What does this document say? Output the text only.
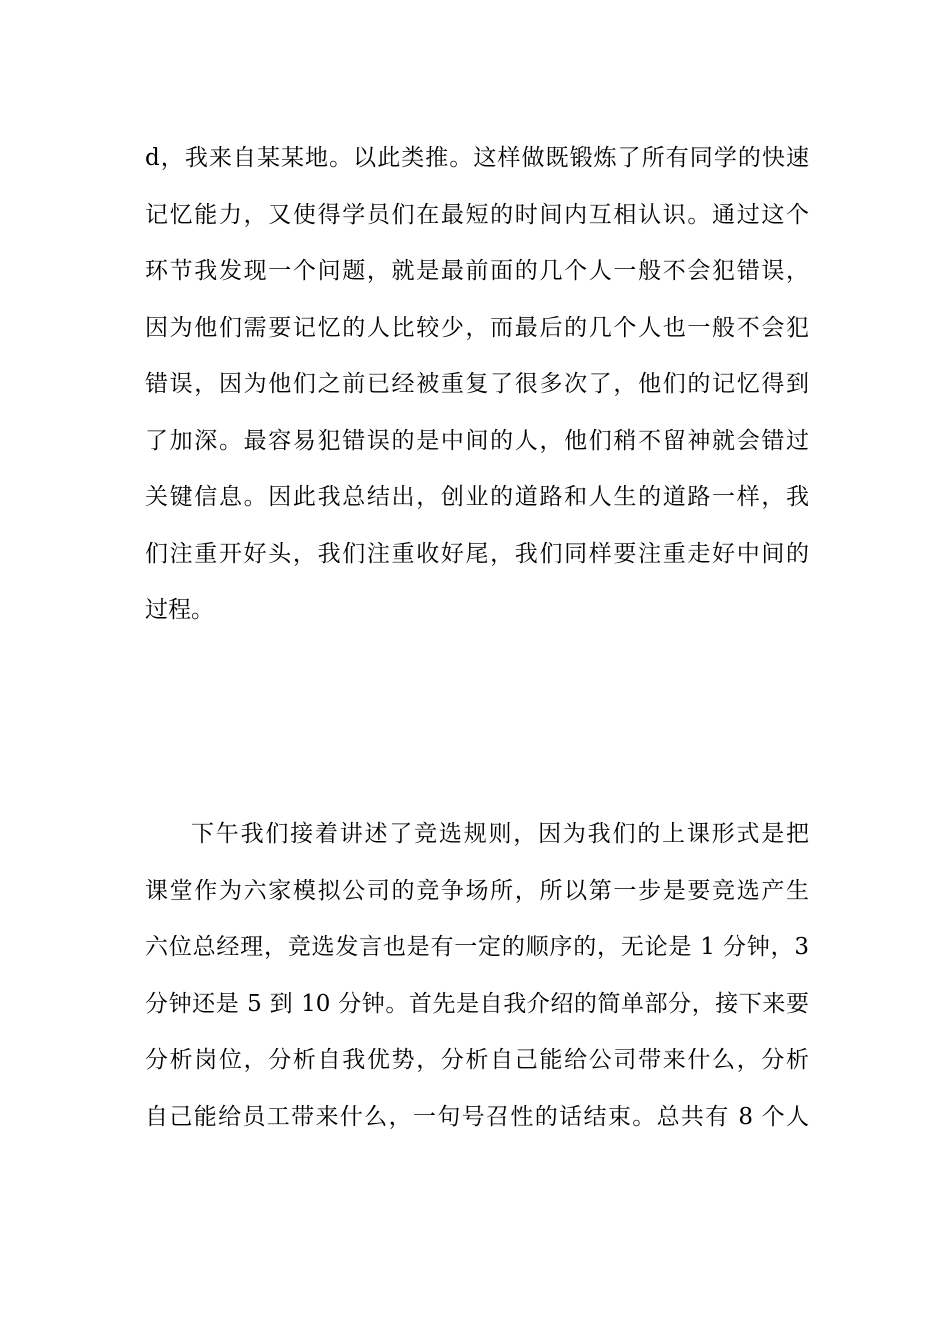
d，我来自某某地。以此类推。这样做既锻炼了所有同学的快速
记忆能力，又使得学员们在最短的时间内互相认识。通过这个
环节我发现一个问题，就是最前面的几个人一般不会犯错误，
因为他们需要记忆的人比较少，而最后的几个人也一般不会犯
错误，因为他们之前已经被重复了很多次了，他们的记忆得到
了加深。最容易犯错误的是中间的人，他们稍不留神就会错过
关键信息。因此我总结出，创业的道路和人生的道路一样，我
们注重开好头，我们注重收好尾，我们同样要注重走好中间的
过程。
下午我们接着讲述了竞选规则，因为我们的上课形式是把
课堂作为六家模拟公司的竞争场所，所以第一步是要竞选产生
六位总经理，竞选发言也是有一定的顺序的，无论是 1 分钟，3
分钟还是 5 到 10 分钟。首先是自我介绍的简单部分，接下来要
分析岗位，分析自我优势，分析自己能给公司带来什么，分析
自己能给员工带来什么，一句号召性的话结束。总共有 8 个人
